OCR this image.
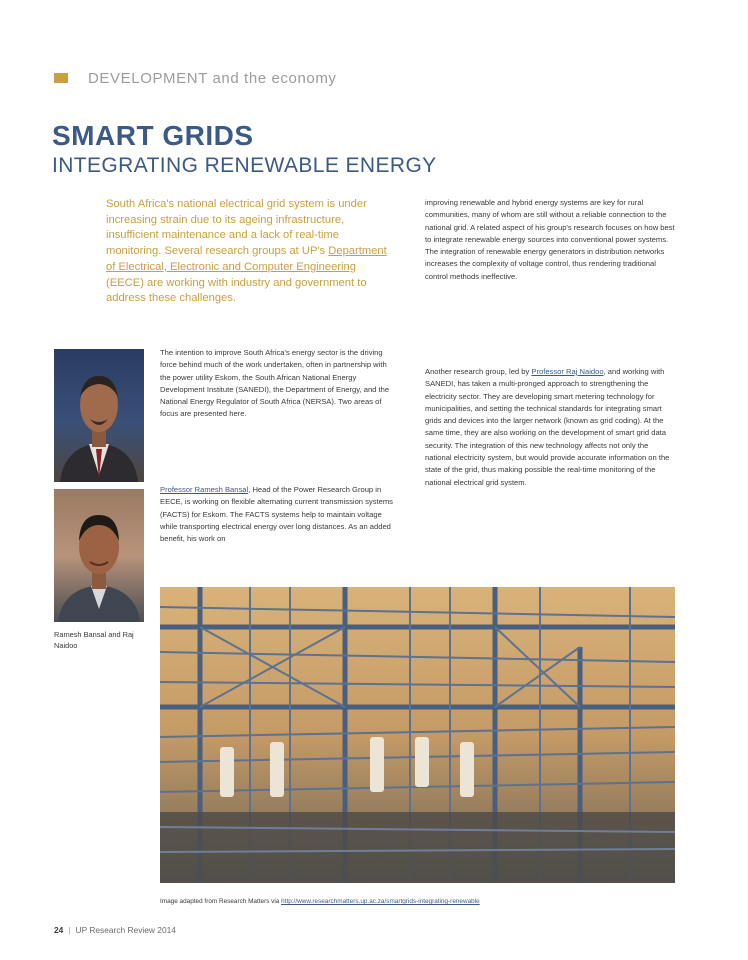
DEVELOPMENT and the economy
SMART GRIDS
INTEGRATING RENEWABLE ENERGY
South Africa's national electrical grid system is under increasing strain due to its ageing infrastructure, insufficient maintenance and a lack of real-time monitoring. Several research groups at UP's Department of Electrical, Electronic and Computer Engineering (EECE) are working with industry and government to address these challenges.
Ramesh Bansal and Raj Naidoo
The intention to improve South Africa's energy sector is the driving force behind much of the work undertaken, often in partnership with the power utility Eskom, the South African National Energy Development Institute (SANEDI), the Department of Energy, and the National Energy Regulator of South Africa (NERSA). Two areas of focus are presented here.
Professor Ramesh Bansal, Head of the Power Research Group in EECE, is working on flexible alternating current transmission systems (FACTS) for Eskom. The FACTS systems help to maintain voltage while transporting electrical energy over long distances. As an added benefit, his work on
improving renewable and hybrid energy systems are key for rural communities, many of whom are still without a reliable connection to the national grid. A related aspect of his group's research focuses on how best to integrate renewable energy sources into conventional power systems. The integration of renewable energy generators in distribution networks increases the complexity of voltage control, thus rendering traditional control methods ineffective.
Another research group, led by Professor Raj Naidoo, and working with SANEDI, has taken a multi-pronged approach to strengthening the electricity sector. They are developing smart metering technology for municipalities, and setting the technical standards for integrating smart grids and devices into the larger network (known as grid coding). At the same time, they are also working on the development of smart grid data security. The integration of this new technology affects not only the national electricity system, but would provide accurate information on the state of the grid, thus making possible the real-time monitoring of the national electrical grid system.
Image adapted from Research Matters via http://www.researchmatters.up.ac.za/smartgrids-integrating-renewable
24 | UP Research Review 2014
